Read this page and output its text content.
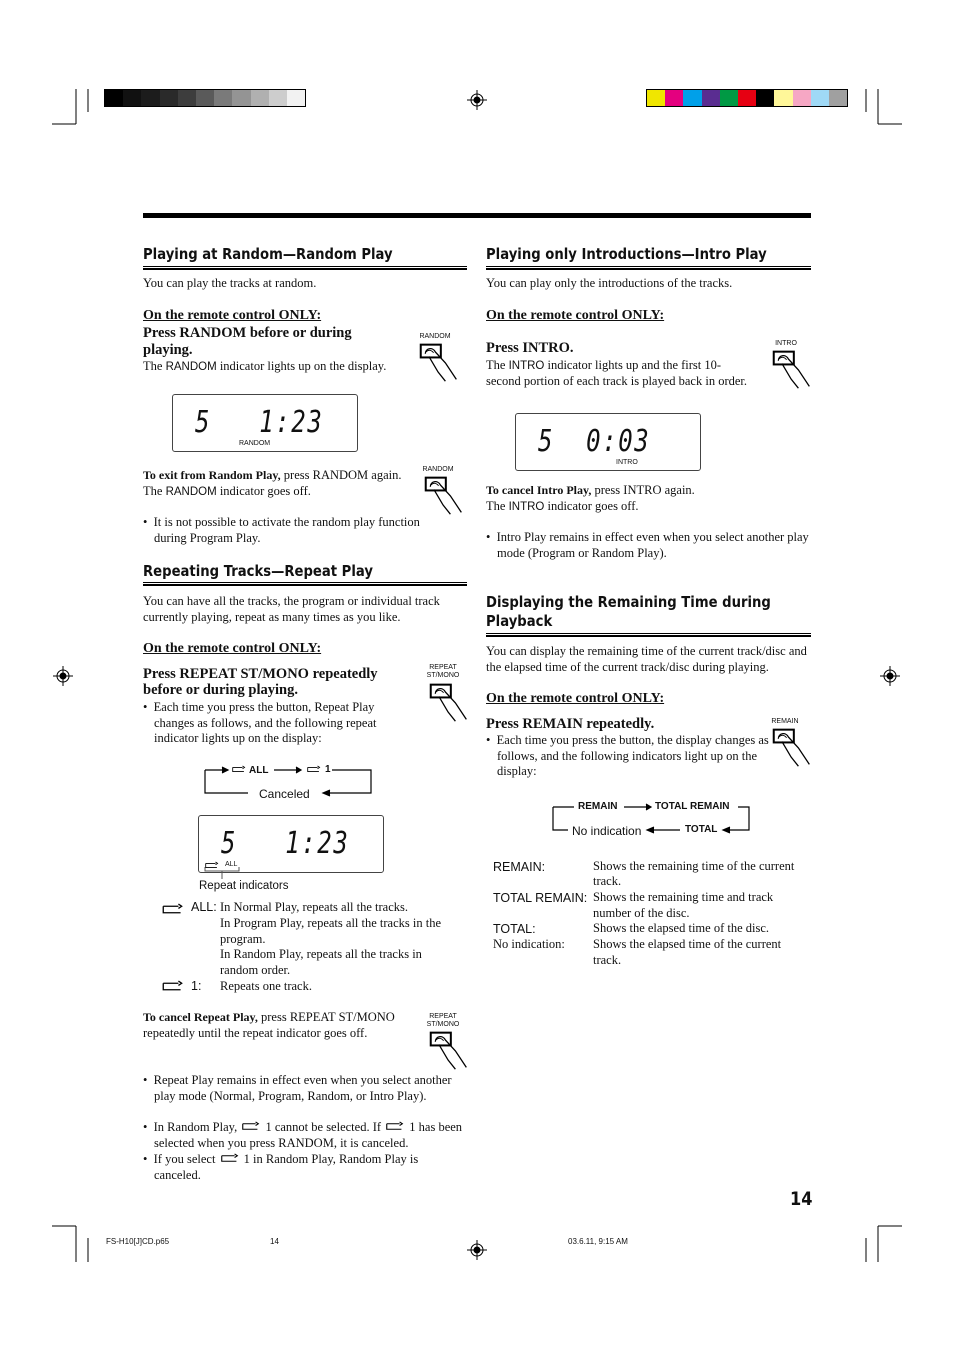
Playing at Random—Random Play
You can play the tracks at random.
On the remote control ONLY:
Press RANDOM before or during
playing.
The RANDOM indicator lights up on the display.
RANDOM
5   1:23
RANDOM
To exit from Random Play, press RANDOM again.
The RANDOM indicator goes off.
RANDOM
•  It is not possible to activate the random play function during Program Play.
Repeating Tracks—Repeat Play
You can have all the tracks, the program or individual track currently playing, repeat as many times as you like.
On the remote control ONLY:
Press REPEAT ST/MONO repeatedly
before or during playing.
REPEAT
ST/MONO
•  Each time you press the button, Repeat Play changes as follows, and the following repeat indicator lights up on the display:
ALL	1
Canceled
5   1:23
ALL
Repeat indicators
ALL: In Normal Play, repeats all the tracks.
In Program Play, repeats all the tracks in the program.
In Random Play, repeats all the tracks in random order.
1: Repeats one track.
To cancel Repeat Play, press REPEAT ST/MONO repeatedly until the repeat indicator goes off.
REPEAT
ST/MONO
•  Repeat Play remains in effect even when you select another play mode (Normal, Program, Random, or Intro Play).
•  In Random Play, 1 cannot be selected. If 1 has been selected when you press RANDOM, it is canceled.
•  If you select 1 in Random Play, Random Play is canceled.
Playing only Introductions—Intro Play
You can play only the introductions of the tracks.
On the remote control ONLY:
Press INTRO.	INTRO
The INTRO indicator lights up and the first 10-
second portion of each track is played back in order.
5  0:03
INTRO
To cancel Intro Play, press INTRO again.
The INTRO indicator goes off.
•  Intro Play remains in effect even when you select another play mode (Program or Random Play).
Displaying the Remaining Time during
Playback
You can display the remaining time of the current track/disc and the elapsed time of the current track/disc during playing.
On the remote control ONLY:
Press REMAIN repeatedly.	REMAIN
•  Each time you press the button, the display changes as follows, and the following indicators light up on the display:
REMAIN	TOTAL REMAIN
No indication	TOTAL
REMAIN:	Shows the remaining time of the current
track.
TOTAL REMAIN: Shows the remaining time and track
number of the disc.
TOTAL:	Shows the elapsed time of the disc.
No indication: Shows the elapsed time of the current
track.
14
FS-H10[J]CD.p65	14	03.6.11, 9:15 AM
